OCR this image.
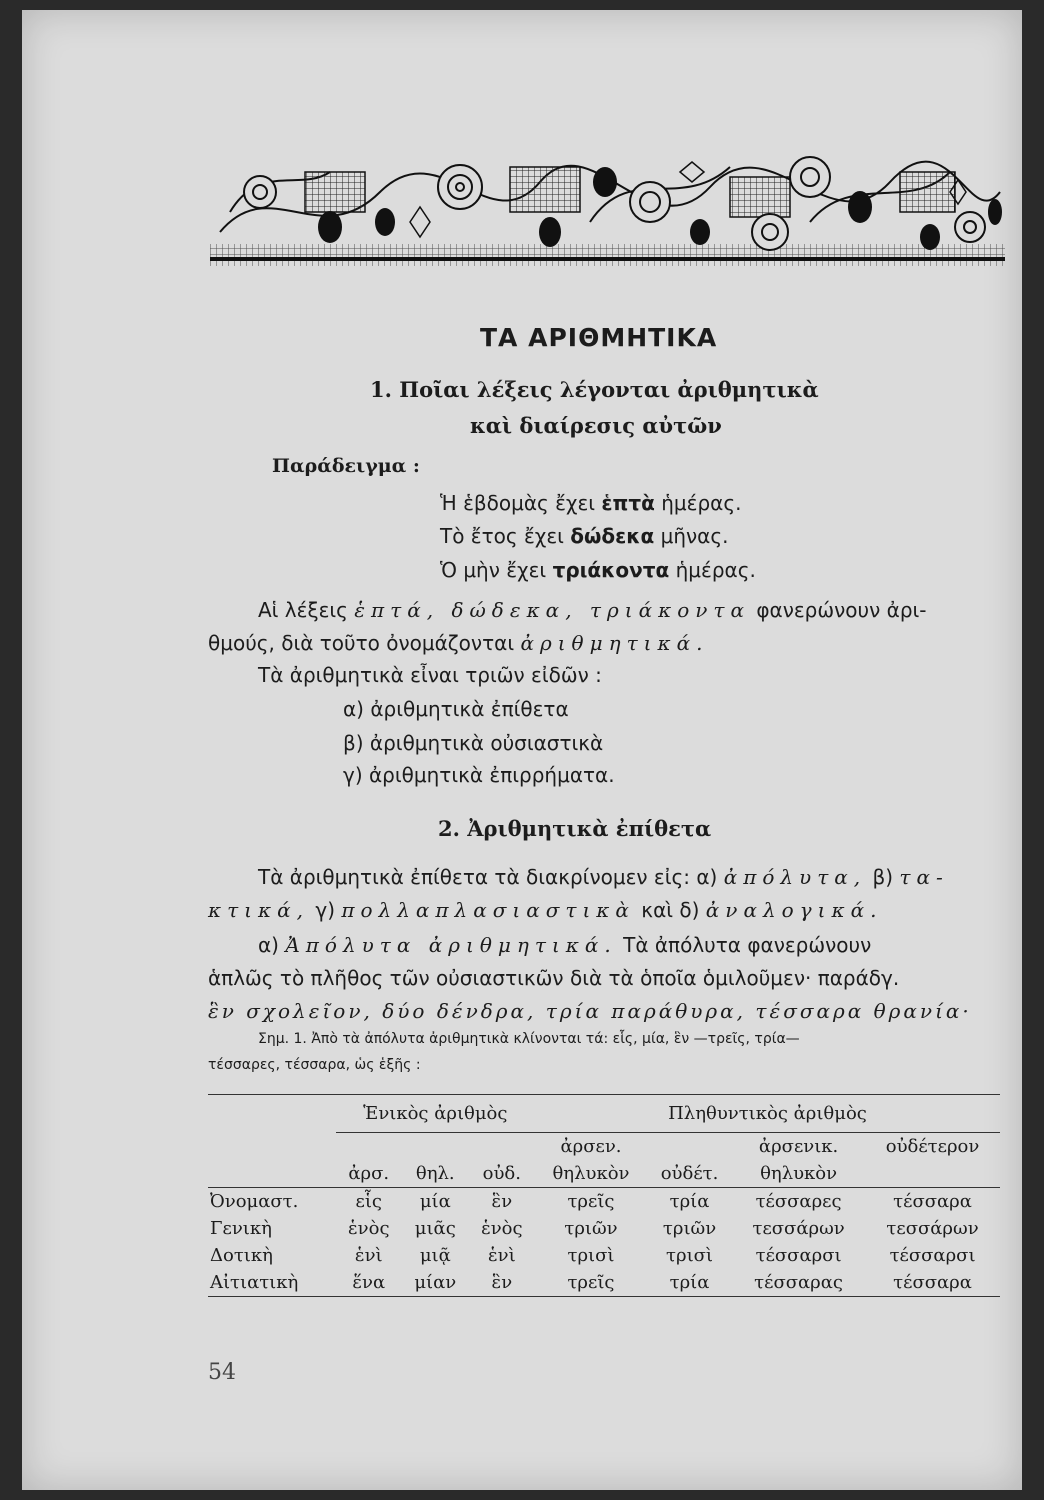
ΤΑ ΑΡΙΘΜΗΤΙΚΑ
1. Ποῖαι λέξεις λέγονται ἀριθμητικὰ
καὶ διαίρεσις αὐτῶν
Παράδειγμα :
Ἡ ἑβδομὰς ἔχει ἑπτὰ ἡμέρας.
Τὸ ἔτος ἔχει δώδεκα μῆνας.
Ὁ μὴν ἔχει τριάκοντα ἡμέρας.
Αἱ λέξεις ἑπτά, δώδεκα, τριάκοντα φανερώνουν ἀρι-
θμούς, διὰ τοῦτο ὀνομάζονται ἀριθμητικά.
Τὰ ἀριθμητικὰ εἶναι τριῶν εἰδῶν :
α) ἀριθμητικὰ ἐπίθετα
β) ἀριθμητικὰ οὐσιαστικὰ
γ) ἀριθμητικὰ ἐπιρρήματα.
2. Ἀριθμητικὰ ἐπίθετα
Τὰ ἀριθμητικὰ ἐπίθετα τὰ διακρίνομεν εἰς: α) ἀπόλυτα, β) τα-
κτικά, γ) πολλαπλασιαστικὰ καὶ δ) ἀναλογικά.
α) Ἀπόλυτα ἀριθμητικά. Τὰ ἀπόλυτα φανερώνουν
ἁπλῶς τὸ πλῆθος τῶν οὐσιαστικῶν διὰ τὰ ὁποῖα ὁμιλοῦμεν· παράδγ.
ἓν σχολεῖον, δύο δένδρα, τρία παράθυρα, τέσσαρα θρανία·
Σημ. 1. Ἀπὸ τὰ ἀπόλυτα ἀριθμητικὰ κλίνονται τά: εἷς, μία, ἓν —τρεῖς, τρία—
τέσσαρες, τέσσαρα, ὡς ἑξῆς :
	Ἑνικὸς ἀριθμὸς			Πληθυντικὸς ἀριθμὸς			
				ἀρσεν.		ἀρσενικ.	οὐδέτερον
	ἀρσ.	θηλ.	οὐδ.	θηλυκὸν	οὐδέτ.	θηλυκὸν	
Ὀνομαστ.	εἷς	μία	ἓν	τρεῖς	τρία	τέσσαρες	τέσσαρα
Γενικὴ	ἑνὸς	μιᾶς	ἑνὸς	τριῶν	τριῶν	τεσσάρων	τεσσάρων
Δοτικὴ	ἑνὶ	μιᾷ	ἑνὶ	τρισὶ	τρισὶ	τέσσαρσι	τέσσαρσι
Αἰτιατικὴ	ἕνα	μίαν	ἓν	τρεῖς	τρία	τέσσαρας	τέσσαρα
54
